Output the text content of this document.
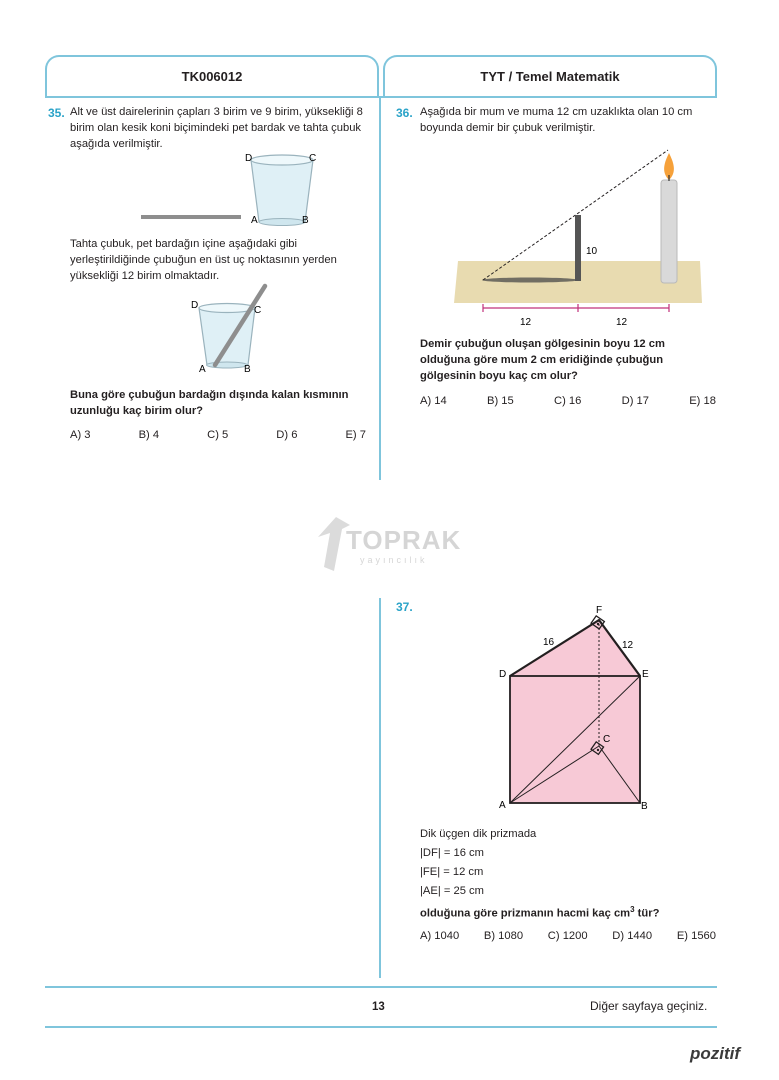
TK006012	TYT / Temel Matematik
35. Alt ve üst dairelerinin çapları 3 birim ve 9 birim, yüksekliği 8 birim olan kesik koni biçimindeki pet bardak ve tahta çubuk aşağıda verilmiştir.
D	C
A	B
Tahta çubuk, pet bardağın içine aşağıdaki gibi yerleştirildiğinde çubuğun en üst uç noktasının yerden yüksekliği 12 birim olmaktadır.
D	C
A	B
Buna göre çubuğun bardağın dışında kalan kısmının uzunluğu kaç birim olur?
A) 3	B) 4	C) 5	D) 6	E) 7
36. Aşağıda bir mum ve muma 12 cm uzaklıkta olan 10 cm boyunda demir bir çubuk verilmiştir.
10
12	12
Demir çubuğun oluşan gölgesinin boyu 12 cm olduğuna göre mum 2 cm eridiğinde çubuğun gölgesinin boyu kaç cm olur?
A) 14	B) 15	C) 16	D) 17	E) 18
TOPRAK
yayıncılık
37.	F
D	E
C
A	B
16	12
Dik üçgen dik prizmada
|DF| = 16 cm
|FE| = 12 cm
|AE| = 25 cm
olduğuna göre prizmanın hacmi kaç $cm^3$ tür?
A) 1040 B) 1080 C) 1200 D) 1440 E) 1560
13	Diğer sayfaya geçiniz.
pozitif
